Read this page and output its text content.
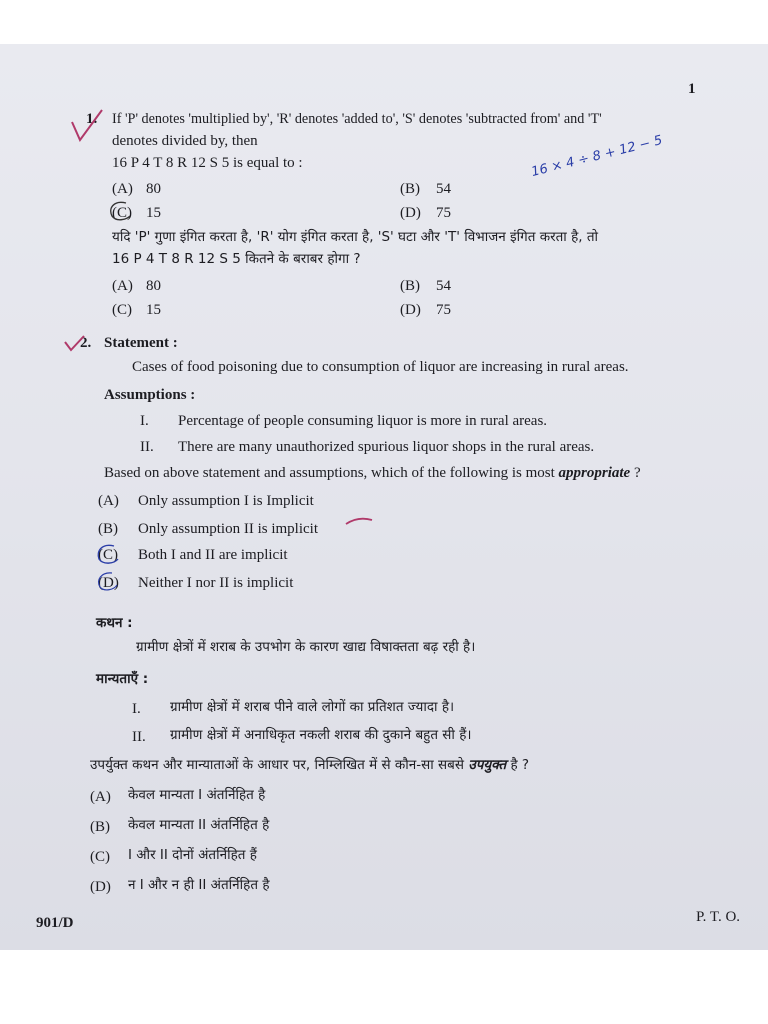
1
1. If 'P' denotes 'multiplied by', 'R' denotes 'added to', 'S' denotes 'subtracted from' and 'T'
denotes divided by, then
16 P 4 T 8 R 12 S 5 is equal to :
(A) 80	(B) 54
(C) 15	(D) 75
यदि 'P' गुणा इंगित करता है, 'R' योग इंगित करता है, 'S' घटा और 'T' विभाजन इंगित करता है, तो
16 P 4 T 8 R 12 S 5 कितने के बराबर होगा ?
(A) 80	(B) 54
(C) 15	(D) 75
16 × 4 ÷ 8 + 12 − 5
2. Statement :
Cases of food poisoning due to consumption of liquor are increasing in rural areas.
Assumptions :
I. Percentage of people consuming liquor is more in rural areas.
II. There are many unauthorized spurious liquor shops in the rural areas.
Based on above statement and assumptions, which of the following is most appropriate ?
(A) Only assumption I is Implicit
(B) Only assumption II is implicit
(C) Both I and II are implicit
(D) Neither I nor II is implicit
कथन :
ग्रामीण क्षेत्रों में शराब के उपभोग के कारण खाद्य विषाक्तता बढ़ रही है।
मान्यताएँ :
I. ग्रामीण क्षेत्रों में शराब पीने वाले लोगों का प्रतिशत ज्यादा है।
II. ग्रामीण क्षेत्रों में अनाधिकृत नकली शराब की दुकाने बहुत सी हैं।
उपर्युक्त कथन और मान्याताओं के आधार पर, निम्लिखित में से कौन-सा सबसे उपयुक्त है ?
(A) केवल मान्यता I अंतर्निहित है
(B) केवल मान्यता II अंतर्निहित है
(C) I और II दोनों अंतर्निहित हैं
(D) न I और न ही II अंतर्निहित है
901/D	P. T. O.
